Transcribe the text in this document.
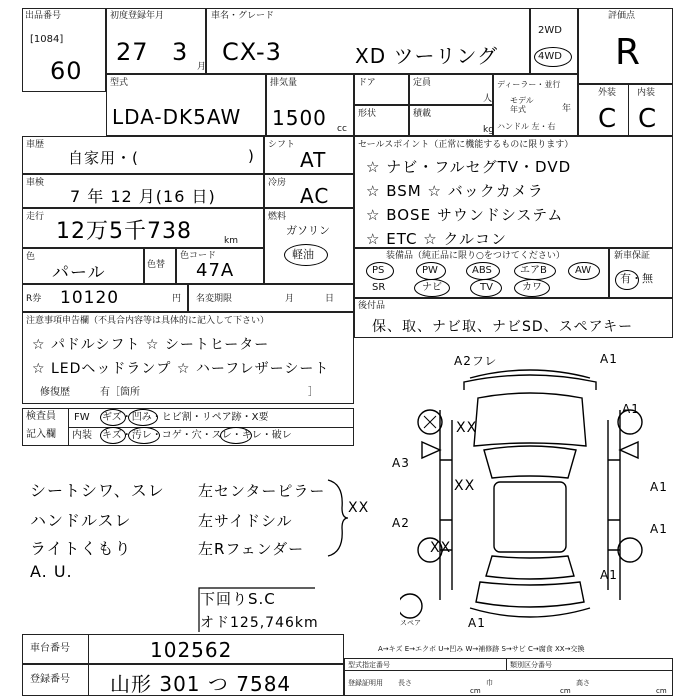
出品番号
[1084]
60
初度登録年月
27 3
月
車名・グレード
CX-3	XD ツーリング
2WD
4WD
評価点
R
型式
LDA-DK5AW
排気量
1500 cc
ドア	定員
人
形状	積載
kg
ディーラー・並行
モデル
年式	年
ハンドル 左・右
外装 内装
C C
車歴
自家用・(	)
シフト
AT
車検
7 年 12 月(16 日)
冷房
AC
走行
12万5千738	km
燃料
ガソリン
軽油
色
パール	色替
色コード
47A
セールスポイント（正常に機能するものに限ります）
☆ ナビ・フルセグTV・DVD
☆ BSM ☆ バックカメラ
☆ BOSE サウンドシステム
☆ ETC ☆ クルコン
装備品（純正品に限り○をつけてください）
PS	PW	ABS	エアB	AW
SR	ナビ	TV	カワ
新車保証
有・無
後付品
保、取、ナビ取、ナビSD、スペアキー
R券 10120	円 名変期限	月	日
注意事項申告欄（不具合内容等は具体的に記入して下さい）
☆ パドルシフト ☆ シートヒーター
☆ LEDヘッドランプ ☆ ハーフレザーシート
修復歴	有［箇所	］
検査員
記入欄
FW ギズ・凹み・ヒビ割・リペア跡・X要
内装 キズ・汚レ・コゲ・穴・スレ・キレ・破レ
シートシワ、スレ
ハンドルスレ
ライトくもり
A. U.
左センターピラー
左サイドシル
左Rフェンダー
XX
下回りS.C
オド125,746km
A2フレ	A1
A1
XX
XX
XX
A1
A3
A1
A2
A1
A1
スペア
A→キズ E→エクボ U→凹み W→補修跡 S→サビ C→腐食 XX→交換
車台番号	102562
登録番号 山形 301 つ 7584
型式指定番号	類別区分番号
登録証明用 長さ
cm
巾
cm
高さ
cm
